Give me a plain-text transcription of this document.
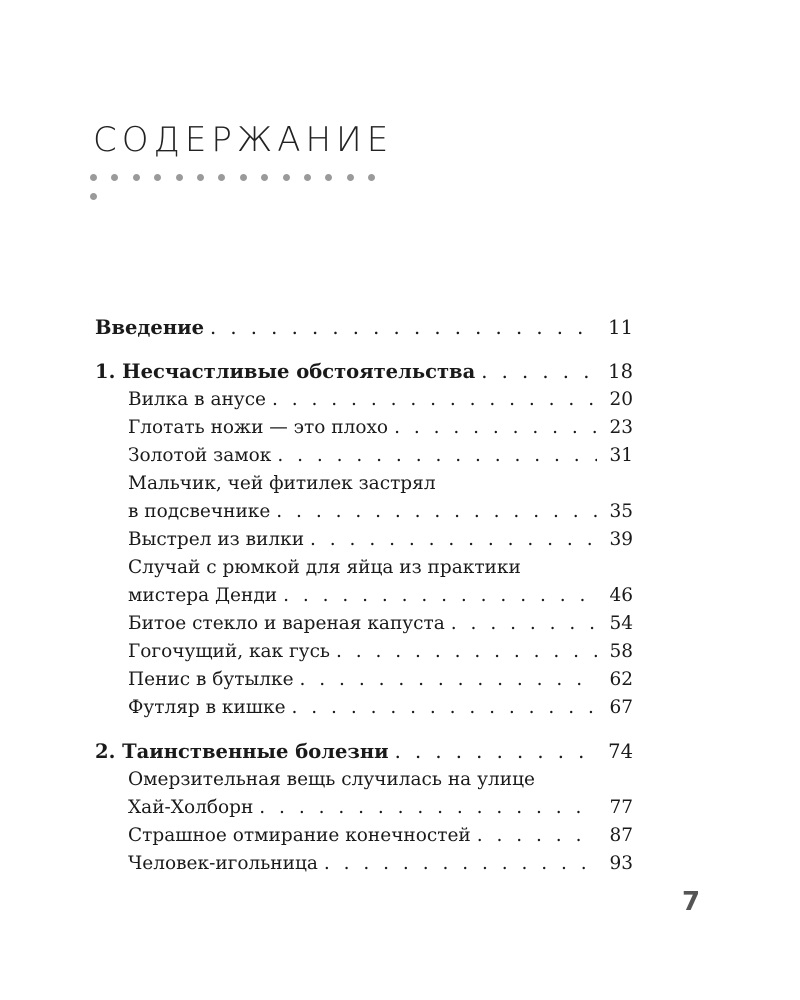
СОДЕРЖАНИЕ
Введение . . .	11
1. Несчастливые обстоятельства . . .	18
Вилка в анусе . . .	20
Глотать ножи — это плохо . . .	23
Золотой замок . . .	31
Мальчик, чей фитилек застрял
в подсвечнике . . .	35
Выстрел из вилки . . .	39
Случай с рюмкой для яйца из практики
мистера Денди . . .	46
Битое стекло и вареная капуста . . .	54
Гогочущий, как гусь . . .	58
Пенис в бутылке . . .	62
Футляр в кишке . . .	67
2. Таинственные болезни . . .	74
Омерзительная вещь случилась на улице
Хай-Холборн . . .	77
Страшное отмирание конечностей . . .	87
Человек-игольница . . .	93
7
